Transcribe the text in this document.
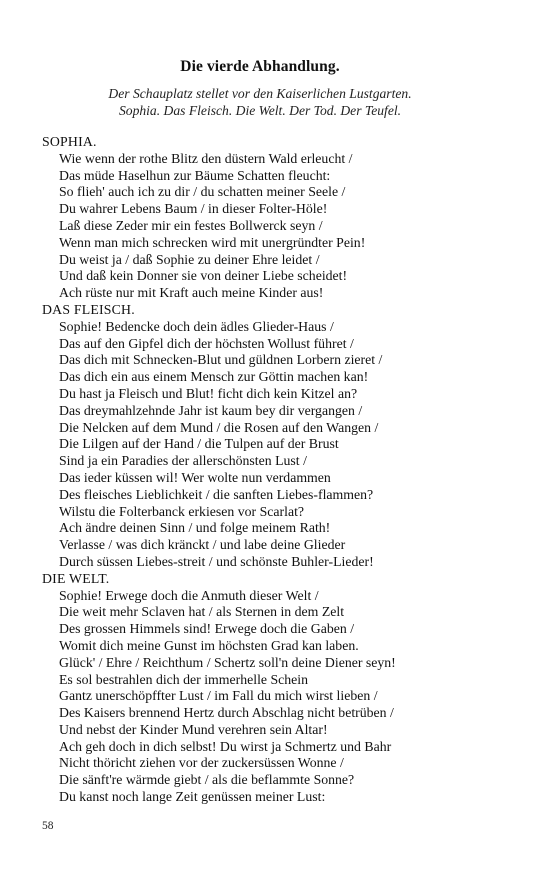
Die vierde Abhandlung.
Der Schauplatz stellet vor den Kaiserlichen Lustgarten.
Sophia. Das Fleisch. Die Welt. Der Tod. Der Teufel.
SOPHIA.
Wie wenn der rothe Blitz den düstern Wald erleucht /
Das müde Haselhun zur Bäume Schatten fleucht:
So flieh' auch ich zu dir / du schatten meiner Seele /
Du wahrer Lebens Baum / in dieser Folter-Höle!
Laß diese Zeder mir ein festes Bollwerck seyn /
Wenn man mich schrecken wird mit unergründter Pein!
Du weist ja / daß Sophie zu deiner Ehre leidet /
Und daß kein Donner sie von deiner Liebe scheidet!
Ach rüste nur mit Kraft auch meine Kinder aus!
DAS FLEISCH.
Sophie! Bedencke doch dein ädles Glieder-Haus /
Das auf den Gipfel dich der höchsten Wollust führet /
Das dich mit Schnecken-Blut und güldnen Lorbern zieret /
Das dich ein aus einem Mensch zur Göttin machen kan!
Du hast ja Fleisch und Blut! ficht dich kein Kitzel an?
Das dreymahlzehnde Jahr ist kaum bey dir vergangen /
Die Nelcken auf dem Mund / die Rosen auf den Wangen /
Die Lilgen auf der Hand / die Tulpen auf der Brust
Sind ja ein Paradies der allerschönsten Lust /
Das ieder küssen wil! Wer wolte nun verdammen
Des fleisches Lieblichkeit / die sanften Liebes-flammen?
Wilstu die Folterbanck erkiesen vor Scarlat?
Ach ändre deinen Sinn / und folge meinem Rath!
Verlasse / was dich kränckt / und labe deine Glieder
Durch süssen Liebes-streit / und schönste Buhler-Lieder!
DIE WELT.
Sophie! Erwege doch die Anmuth dieser Welt /
Die weit mehr Sclaven hat / als Sternen in dem Zelt
Des grossen Himmels sind! Erwege doch die Gaben /
Womit dich meine Gunst im höchsten Grad kan laben.
Glück' / Ehre / Reichthum / Schertz soll'n deine Diener seyn!
Es sol bestrahlen dich der immerhelle Schein
Gantz unerschöpffter Lust / im Fall du mich wirst lieben /
Des Kaisers brennend Hertz durch Abschlag nicht betrüben /
Und nebst der Kinder Mund verehren sein Altar!
Ach geh doch in dich selbst! Du wirst ja Schmertz und Bahr
Nicht thöricht ziehen vor der zuckersüssen Wonne /
Die sänft're wärmde giebt / als die beflammte Sonne?
Du kanst noch lange Zeit genüssen meiner Lust:
58
